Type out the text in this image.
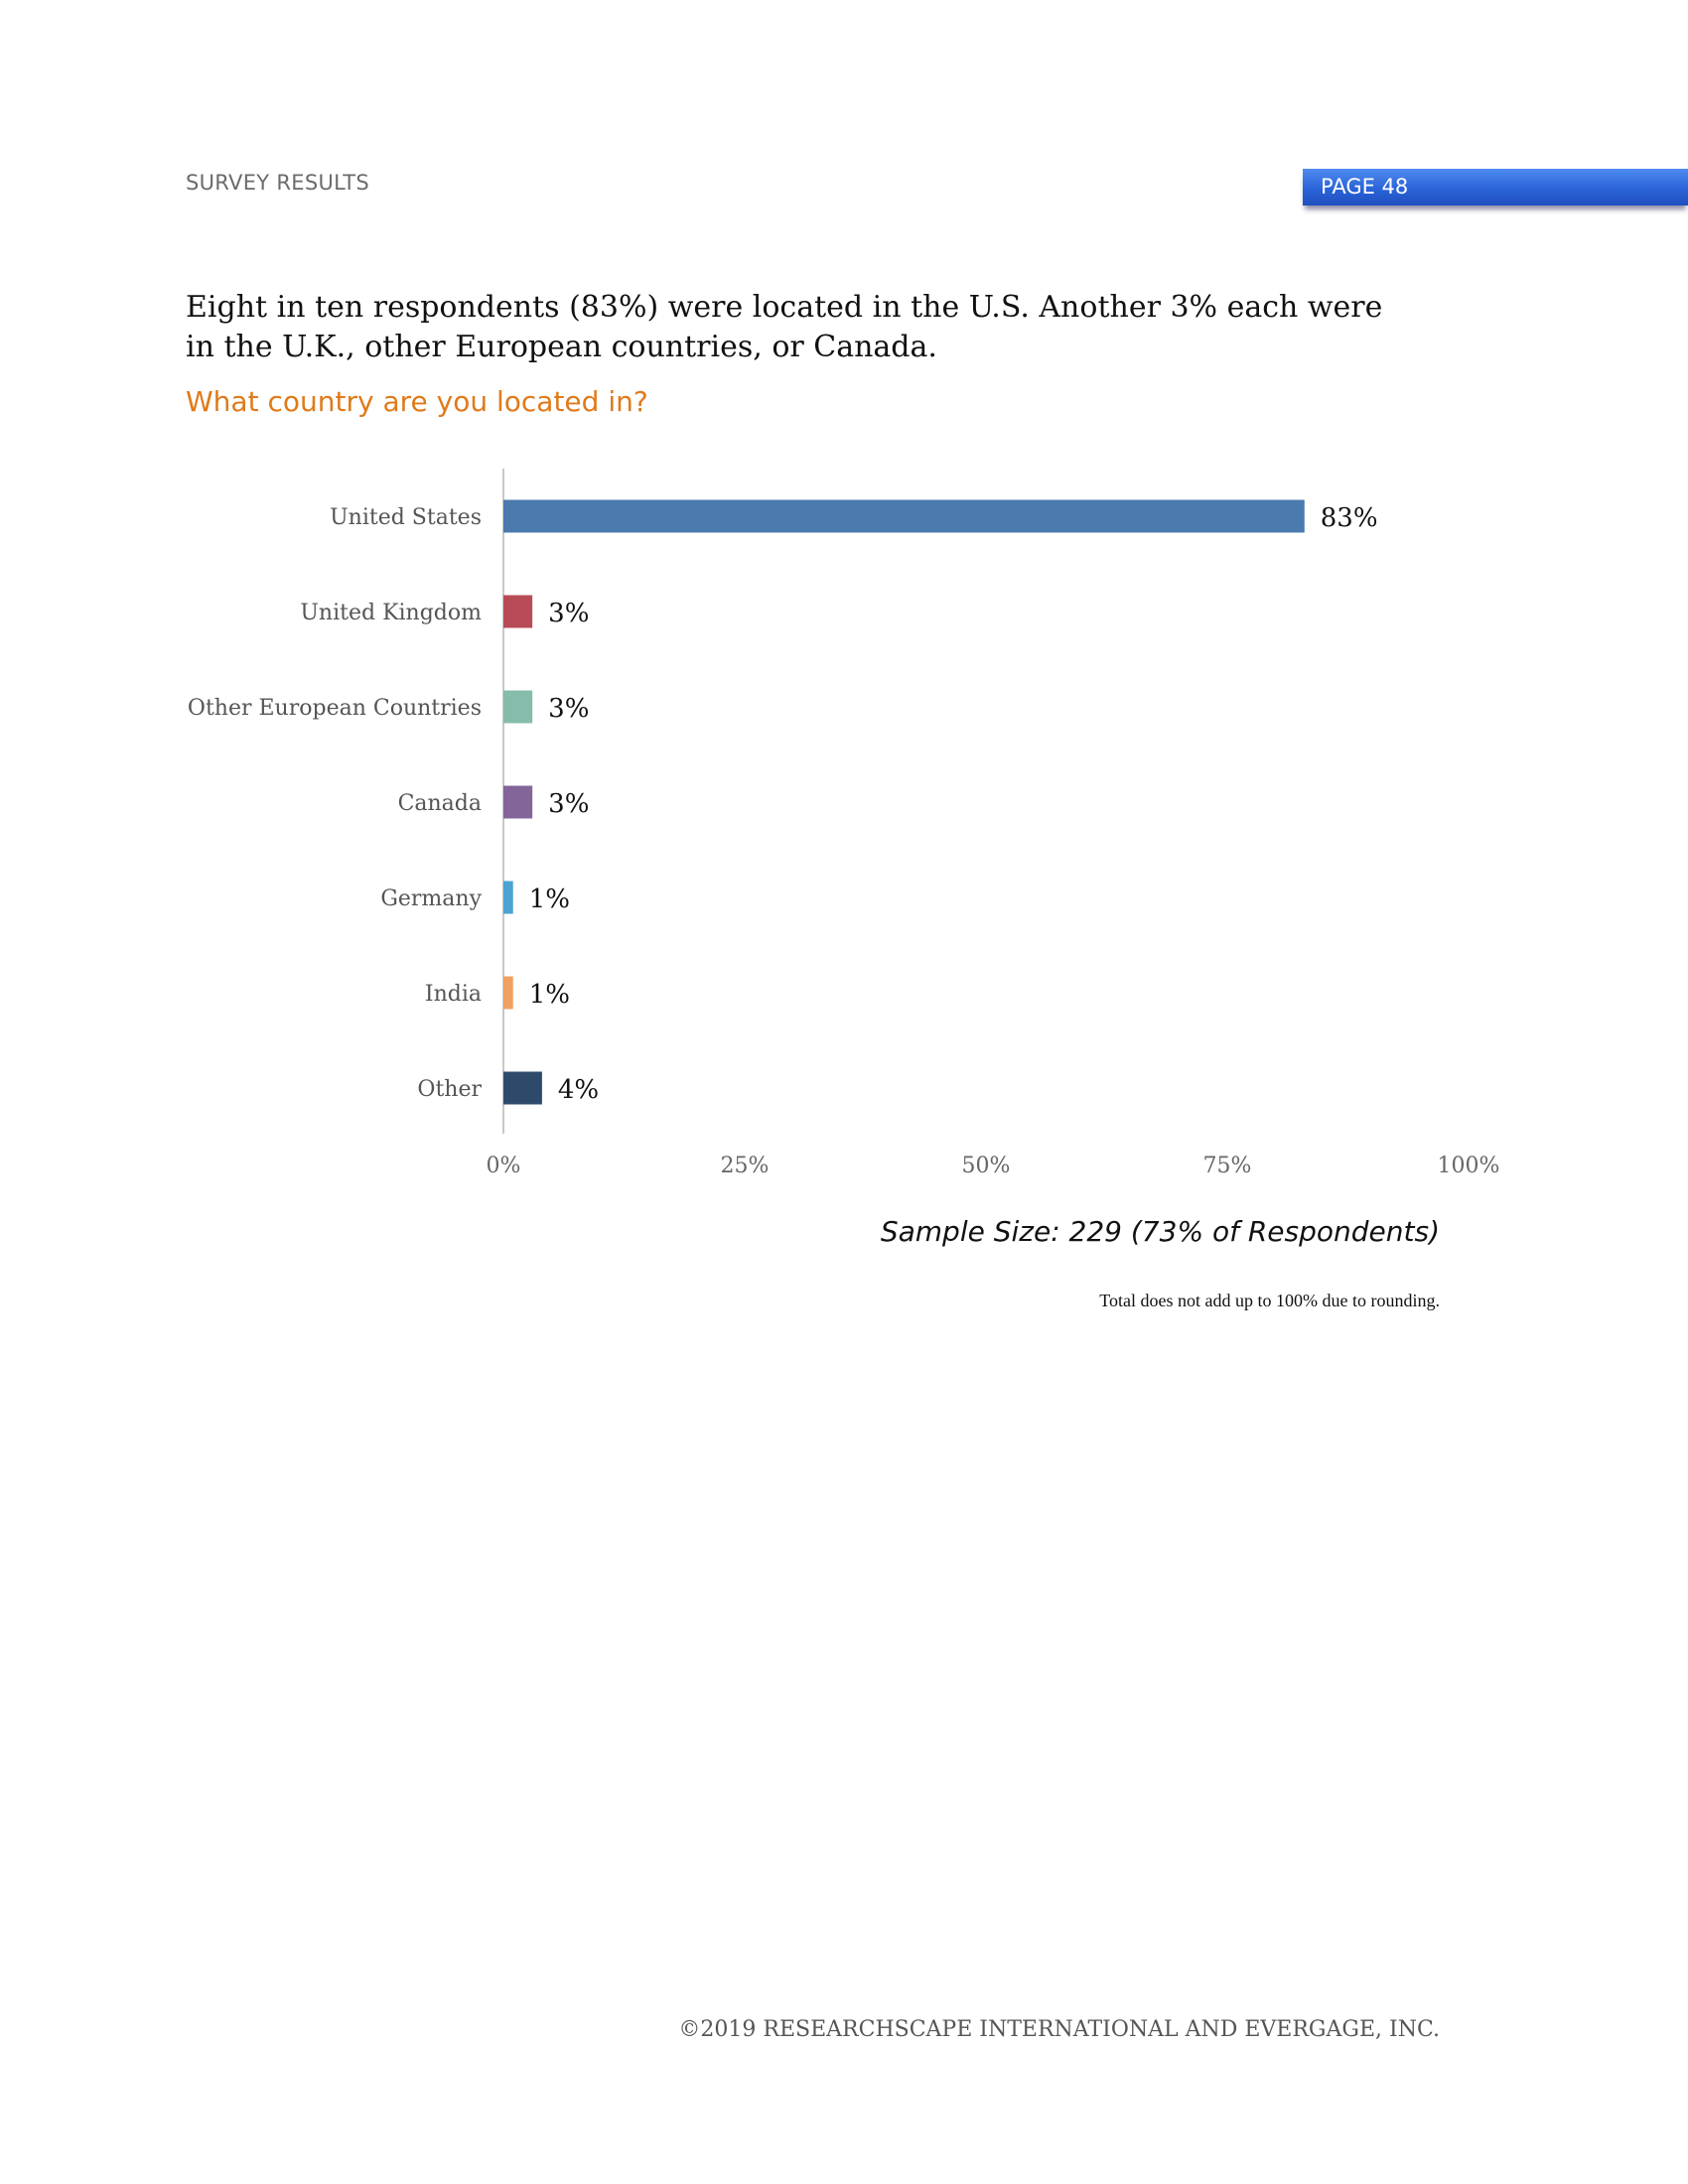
SURVEY RESULTS	PAGE 48
Eight in ten respondents (83%) were located in the U.S. Another 3% each were in the U.K., other European countries, or Canada.
What country are you located in?
United States	83%
United Kingdom	3%
Other European Countries	3%
Canada	3%
Germany 1%
India 1%
Other	4%
0%	25%	50%	75%	100%
Sample Size: 229 (73% of Respondents)
Total does not add up to 100% due to rounding.
©2019 RESEARCHSCAPE INTERNATIONAL AND EVERGAGE, INC.
